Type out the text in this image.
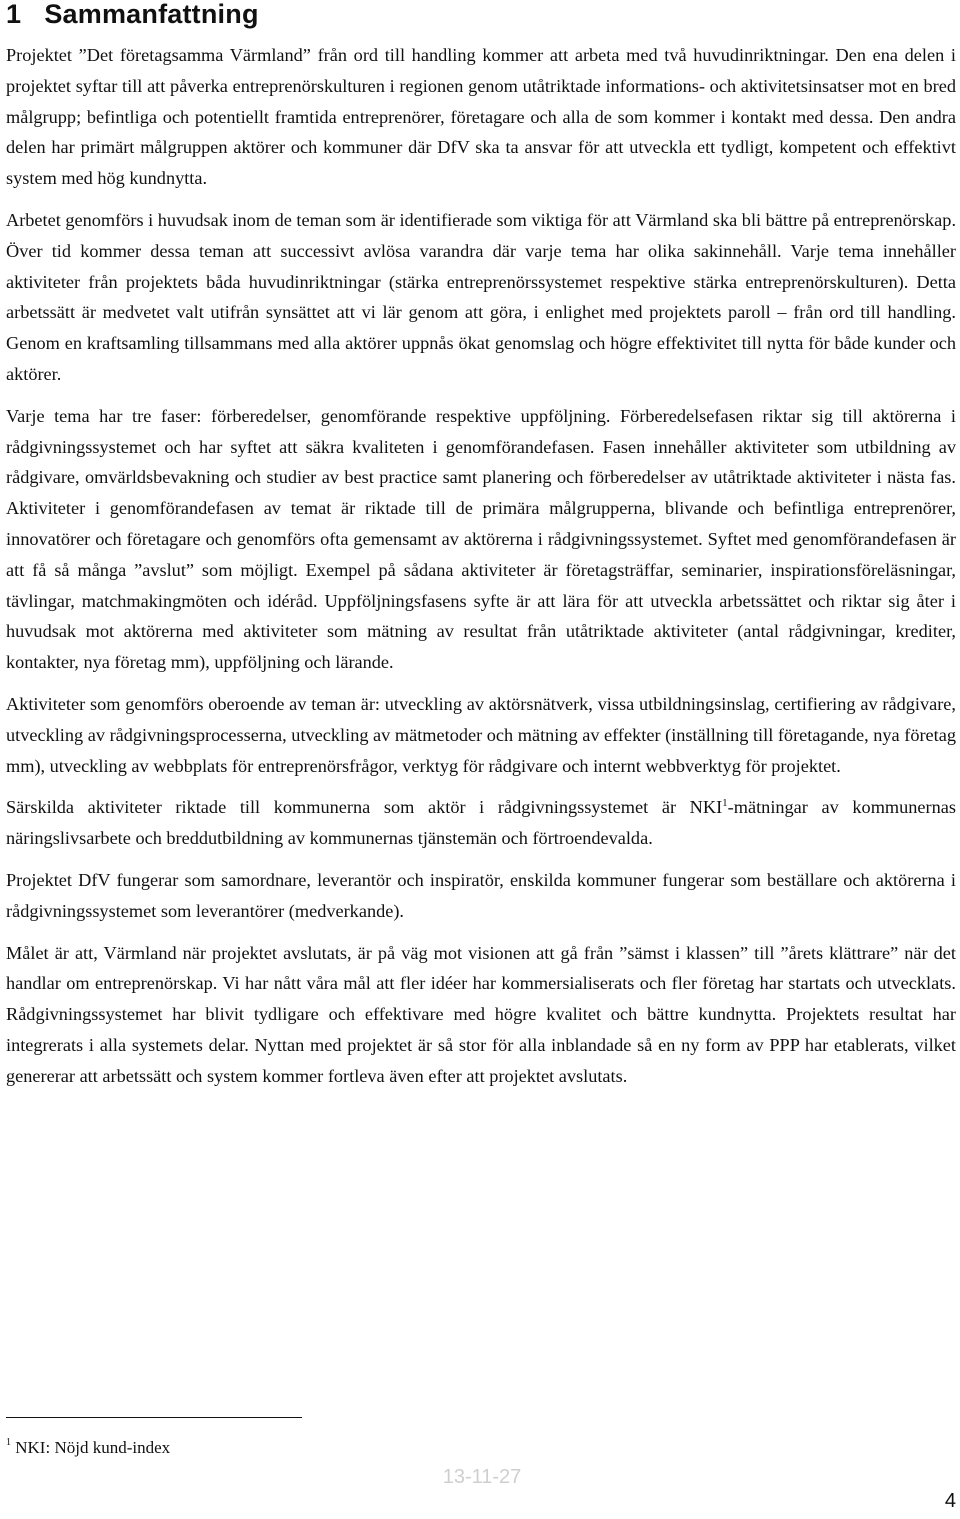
1 Sammanfattning

Projektet ”Det företagsamma Värmland” från ord till handling kommer att arbeta med två huvudinriktningar. Den ena delen i projektet syftar till att påverka entreprenörskulturen i regionen genom utåtriktade informations- och aktivitetsinsatser mot en bred målgrupp; befintliga och potentiellt framtida entreprenörer, företagare och alla de som kommer i kontakt med dessa. Den andra delen har primärt målgruppen aktörer och kommuner där DfV ska ta ansvar för att utveckla ett tydligt, kompetent och effektivt system med hög kundnytta.

Arbetet genomförs i huvudsak inom de teman som är identifierade som viktiga för att Värmland ska bli bättre på entreprenörskap. Över tid kommer dessa teman att successivt avlösa varandra där varje tema har olika sakinnehåll. Varje tema innehåller aktiviteter från projektets båda huvudinriktningar (stärka entreprenörssystemet respektive stärka entreprenörskulturen). Detta arbetssätt är medvetet valt utifrån synsättet att vi lär genom att göra, i enlighet med projektets paroll – från ord till handling. Genom en kraftsamling tillsammans med alla aktörer uppnås ökat genomslag och högre effektivitet till nytta för både kunder och aktörer.

Varje tema har tre faser: förberedelser, genomförande respektive uppföljning. Förberedelsefasen riktar sig till aktörerna i rådgivningssystemet och har syftet att säkra kvaliteten i genomförandefasen. Fasen innehåller aktiviteter som utbildning av rådgivare, omvärldsbevakning och studier av best practice samt planering och förberedelser av utåtriktade aktiviteter i nästa fas. Aktiviteter i genomförandefasen av temat är riktade till de primära målgrupperna, blivande och befintliga entreprenörer, innovatörer och företagare och genomförs ofta gemensamt av aktörerna i rådgivningssystemet. Syftet med genomförandefasen är att få så många ”avslut” som möjligt. Exempel på sådana aktiviteter är företagsträffar, seminarier, inspirationsföreläsningar, tävlingar, matchmakingmöten och idéråd. Uppföljningsfasens syfte är att lära för att utveckla arbetssättet och riktar sig åter i huvudsak mot aktörerna med aktiviteter som mätning av resultat från utåtriktade aktiviteter (antal rådgivningar, krediter, kontakter, nya företag mm), uppföljning och lärande.

Aktiviteter som genomförs oberoende av teman är: utveckling av aktörsnätverk, vissa utbildningsinslag, certifiering av rådgivare, utveckling av rådgivningsprocesserna, utveckling av mätmetoder och mätning av effekter (inställning till företagande, nya företag mm), utveckling av webbplats för entreprenörsfrågor, verktyg för rådgivare och internt webbverktyg för projektet.

Särskilda aktiviteter riktade till kommunerna som aktör i rådgivningssystemet är NKI$^1$-mätningar av kommunernas näringslivsarbete och breddutbildning av kommunernas tjänstemän och förtroendevalda.

Projektet DfV fungerar som samordnare, leverantör och inspiratör, enskilda kommuner fungerar som beställare och aktörerna i rådgivningssystemet som leverantörer (medverkande).

Målet är att, Värmland när projektet avslutats, är på väg mot visionen att gå från ”sämst i klassen” till ”årets klättrare” när det handlar om entreprenörskap. Vi har nått våra mål att fler idéer har kommersialiserats och fler företag har startats och utvecklats. Rådgivningssystemet har blivit tydligare och effektivare med högre kvalitet och bättre kundnytta. Projektets resultat har integrerats i alla systemets delar. Nyttan med projektet är så stor för alla inblandade så en ny form av PPP har etablerats, vilket genererar att arbetssätt och system kommer fortleva även efter att projektet avslutats.

$^1$ NKI: Nöjd kund-index
13-11-27
4
